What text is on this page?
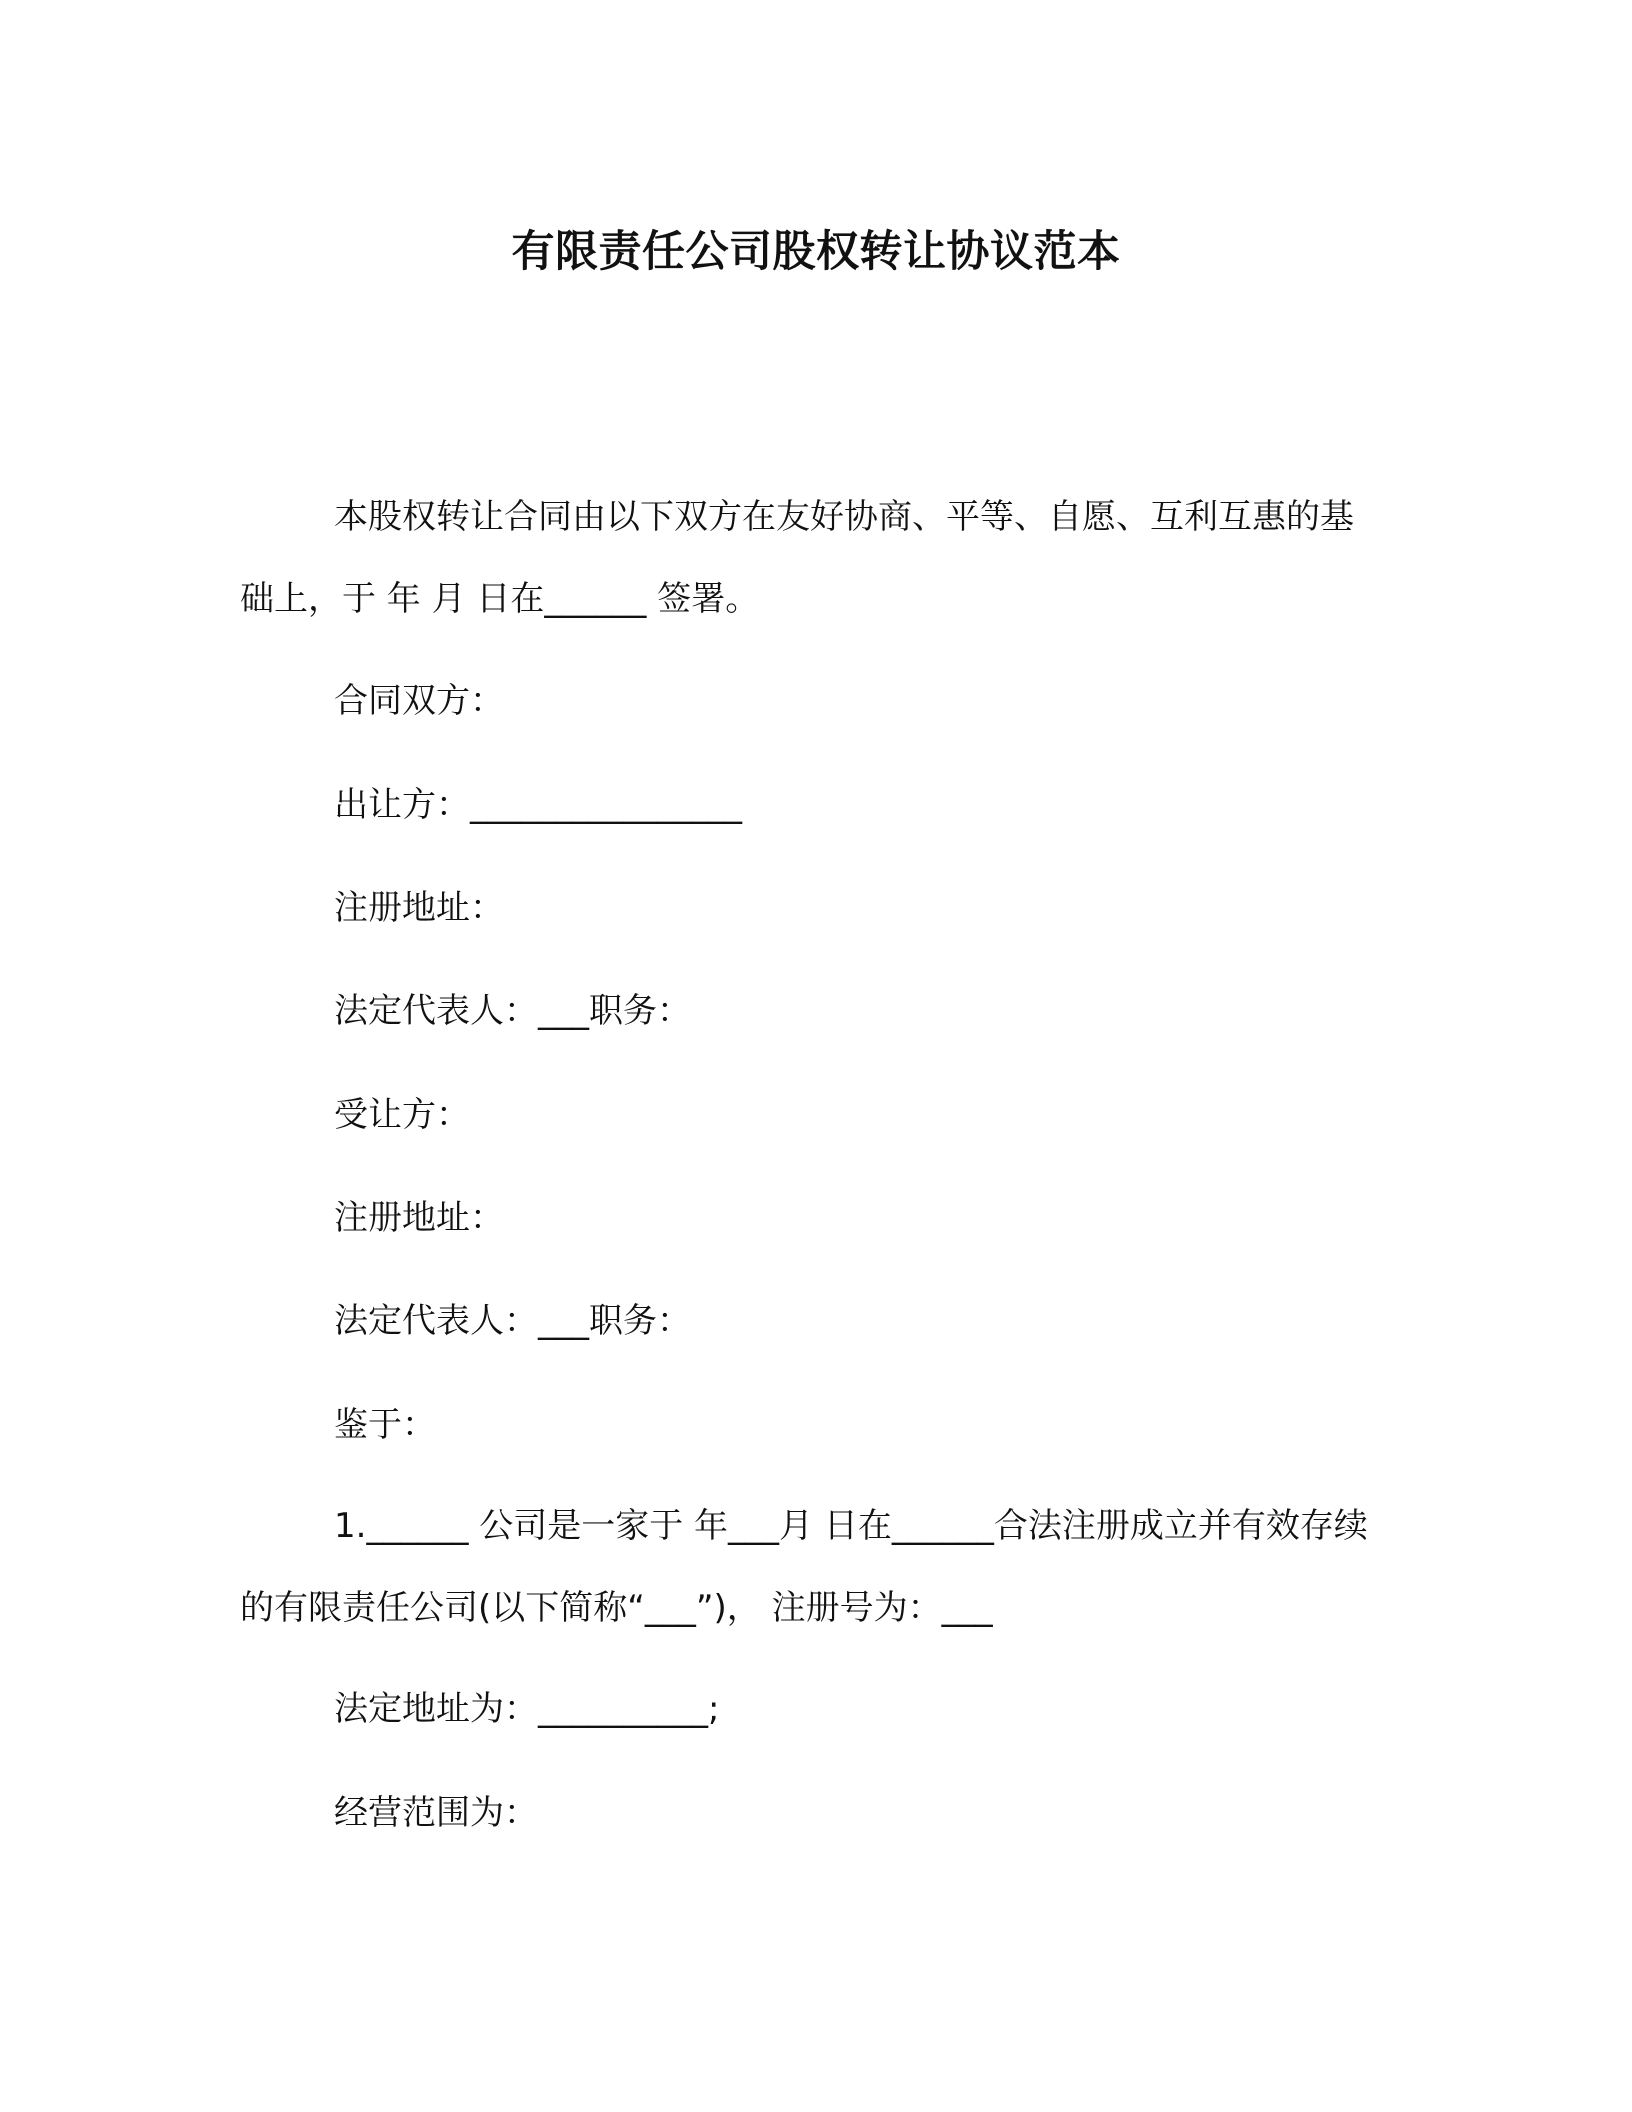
有限责任公司股权转让协议范本

本股权转让合同由以下双方在友好协商、平等、自愿、互利互惠的基础上，于 年 月 日在______ 签署。

合同双方：

出让方：________________

注册地址：

法定代表人：___职务：

受让方：

注册地址：

法定代表人：___职务：

鉴于：

1.______ 公司是一家于 年___月 日在______合法注册成立并有效存续的有限责任公司(以下简称“___”)， 注册号为：___

法定地址为：__________;

经营范围为：
